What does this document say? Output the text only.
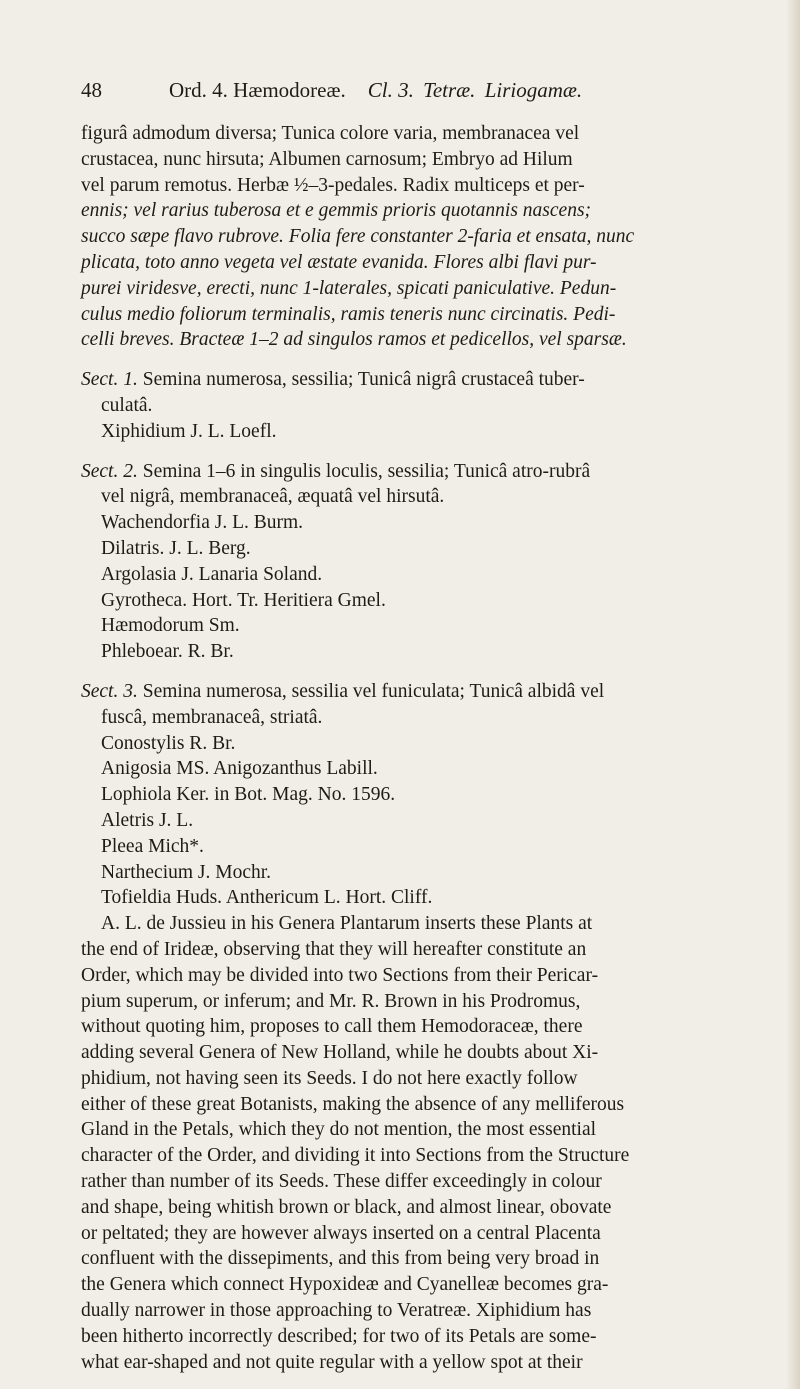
48	Ord. 4. Hæmodoreæ. Cl. 3. Tetræ. Liriogamæ.
figurâ admodum diversa; Tunica colore varia, membranacea vel
crustacea, nunc hirsuta; Albumen carnosum; Embryo ad Hilum
vel parum remotus. Herbæ ½–3-pedales. Radix multiceps et per-
ennis; vel rarius tuberosa et e gemmis prioris quotannis nascens;
succo sæpe flavo rubrove. Folia fere constanter 2-faria et ensata, nunc
plicata, toto anno vegeta vel æstate evanida. Flores albi flavi pur-
purei viridesve, erecti, nunc 1-laterales, spicati paniculative. Pedun-
culus medio foliorum terminalis, ramis teneris nunc circinatis. Pedi-
celli breves. Bracteæ 1–2 ad singulos ramos et pedicellos, vel sparsæ.
Sect. 1. Semina numerosa, sessilia; Tunicâ nigrâ crustaceâ tuber-
culatâ.
Xiphidium J. L. Loefl.
Sect. 2. Semina 1–6 in singulis loculis, sessilia; Tunicâ atro-rubrâ
vel nigrâ, membranaceâ, æquatâ vel hirsutâ.
Wachendorfia J. L. Burm.
Dilatris. J. L. Berg.
Argolasia J. Lanaria Soland.
Gyrotheca. Hort. Tr. Heritiera Gmel.
Hæmodorum Sm.
Phleboear. R. Br.
Sect. 3. Semina numerosa, sessilia vel funiculata; Tunicâ albidâ vel
fuscâ, membranaceâ, striatâ.
Conostylis R. Br.
Anigosia MS. Anigozanthus Labill.
Lophiola Ker. in Bot. Mag. No. 1596.
Aletris J. L.
Pleea Mich*.
Narthecium J. Mochr.
Tofieldia Huds. Anthericum L. Hort. Cliff.
A. L. de Jussieu in his Genera Plantarum inserts these Plants at
the end of Irideæ, observing that they will hereafter constitute an
Order, which may be divided into two Sections from their Pericar-
pium superum, or inferum; and Mr. R. Brown in his Prodromus,
without quoting him, proposes to call them Hemodoraceæ, there
adding several Genera of New Holland, while he doubts about Xi-
phidium, not having seen its Seeds. I do not here exactly follow
either of these great Botanists, making the absence of any melliferous
Gland in the Petals, which they do not mention, the most essential
character of the Order, and dividing it into Sections from the Structure
rather than number of its Seeds. These differ exceedingly in colour
and shape, being whitish brown or black, and almost linear, obovate
or peltated; they are however always inserted on a central Placenta
confluent with the dissepiments, and this from being very broad in
the Genera which connect Hypoxideæ and Cyanelleæ becomes gra-
dually narrower in those approaching to Veratreæ. Xiphidium has
been hitherto incorrectly described; for two of its Petals are some-
what ear-shaped and not quite regular with a yellow spot at their
